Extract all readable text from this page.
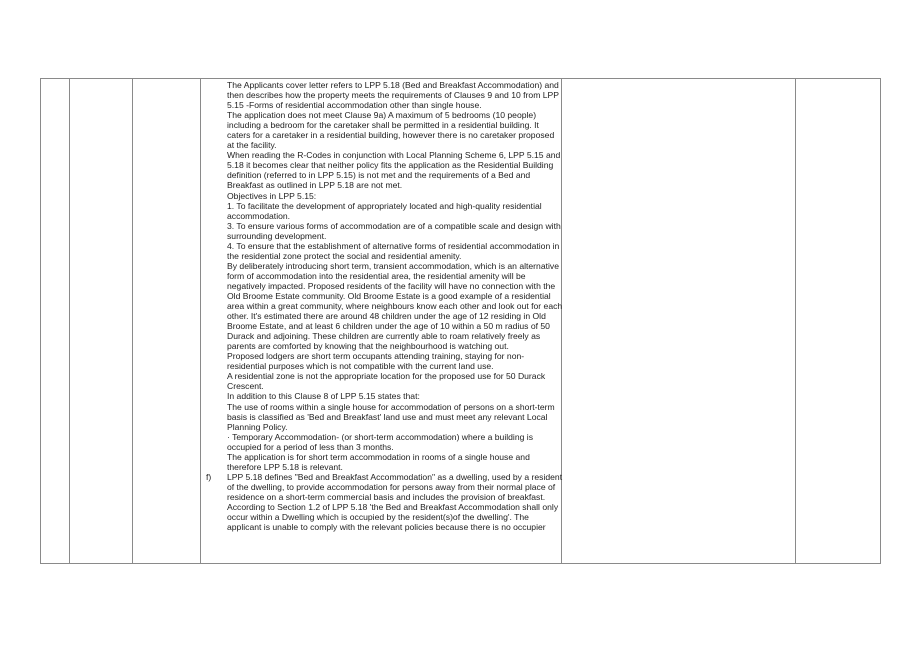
The Applicants cover letter refers to LPP 5.18 (Bed and Breakfast Accommodation) and then describes how the property meets the requirements of Clauses 9 and 10 from LPP 5.15 -Forms of residential accommodation other than single house.

The application does not meet Clause 9a) A maximum of 5 bedrooms (10 people) including a bedroom for the caretaker shall be permitted in a residential building. It caters for a caretaker in a residential building, however there is no caretaker proposed at the facility.

When reading the R-Codes in conjunction with Local Planning Scheme 6, LPP 5.15 and

5.18 it becomes clear that neither policy fits the application as the Residential Building definition (referred to in LPP 5.15) is not met and the requirements of a Bed and Breakfast as outlined in LPP 5.18 are not met.

Objectives in LPP 5.15:

1. To facilitate the development of appropriately located and high-quality residential accommodation.

3. To ensure various forms of accommodation are of a compatible scale and design with surrounding development.

4. To ensure that the establishment of alternative forms of residential accommodation in the residential zone protect the social and residential amenity.

By deliberately introducing short term, transient accommodation, which is an alternative form of accommodation into the residential area, the residential amenity will be negatively impacted. Proposed residents of the facility will have no connection with the Old Broome Estate community. Old Broome Estate is a good example of a residential area within a great community, where neighbours know each other and look out for each other. It's estimated there are around 48 children under the age of 12 residing in Old Broome Estate, and at least 6 children under the age of 10 within a 50 m radius of 50 Durack and adjoining. These children are currently able to roam relatively freely as parents are comforted by knowing that the neighbourhood is watching out.

Proposed lodgers are short term occupants attending training, staying for non-residential purposes which is not compatible with the current land use.

A residential zone is not the appropriate location for the proposed use for 50 Durack Crescent.

In addition to this Clause 8 of LPP 5.15 states that:

The use of rooms within a single house for accommodation of persons on a short-term basis is classified as 'Bed and Breakfast' land use and must meet any relevant Local Planning Policy.

· Temporary Accommodation- (or short-term accommodation) where a building is occupied for a period of less than 3 months.

The application is for short term accommodation in rooms of a single house and therefore LPP 5.18 is relevant.

f) LPP 5.18 defines "Bed and Breakfast Accommodation" as a dwelling, used by a resident of the dwelling, to provide accommodation for persons away from their normal place of residence on a short-term commercial basis and includes the provision of breakfast.

According to Section 1.2 of LPP 5.18 'the Bed and Breakfast Accommodation shall only occur within a Dwelling which is occupied by the resident(s)of the dwelling'. The applicant is unable to comply with the relevant policies because there is no occupier
